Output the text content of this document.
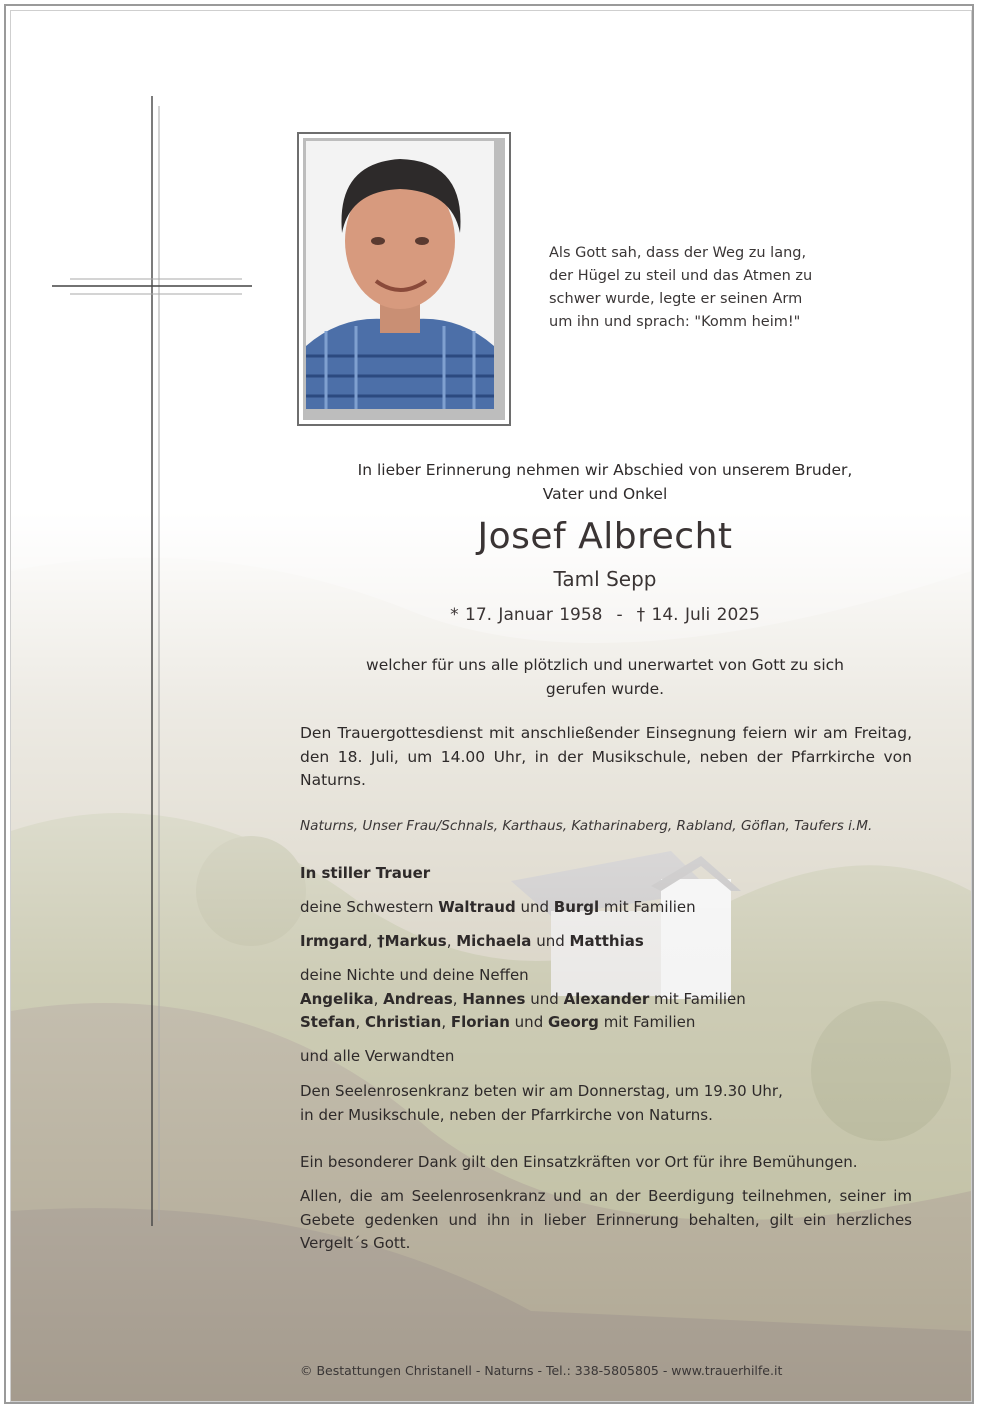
Als Gott sah, dass der Weg zu lang,
der Hügel zu steil und das Atmen zu
schwer wurde, legte er seinen Arm
um ihn und sprach: "Komm heim!"
In lieber Erinnerung nehmen wir Abschied von unserem Bruder,
Vater und Onkel
Josef Albrecht
Taml Sepp
* 17. Januar 1958 - † 14. Juli 2025
welcher für uns alle plötzlich und unerwartet von Gott zu sich
gerufen wurde.
Den Trauergottesdienst mit anschließender Einsegnung feiern wir am Freitag, den 18. Juli, um 14.00 Uhr, in der Musikschule, neben der Pfarrkirche von Naturns.
Naturns, Unser Frau/Schnals, Karthaus, Katharinaberg, Rabland, Göflan, Taufers i.M.
In stiller Trauer
deine Schwestern Waltraud und Burgl mit Familien
Irmgard, †Markus, Michaela und Matthias
deine Nichte und deine Neffen
Angelika, Andreas, Hannes und Alexander mit Familien
Stefan, Christian, Florian und Georg mit Familien
und alle Verwandten
Den Seelenrosenkranz beten wir am Donnerstag, um 19.30 Uhr,
in der Musikschule, neben der Pfarrkirche von Naturns.
Ein besonderer Dank gilt den Einsatzkräften vor Ort für ihre Bemühungen.
Allen, die am Seelenrosenkranz und an der Beerdigung teilnehmen, seiner im Gebete gedenken und ihn in lieber Erinnerung behalten, gilt ein herzliches Vergelt´s Gott.
© Bestattungen Christanell - Naturns - Tel.: 338-5805805 - www.trauerhilfe.it
